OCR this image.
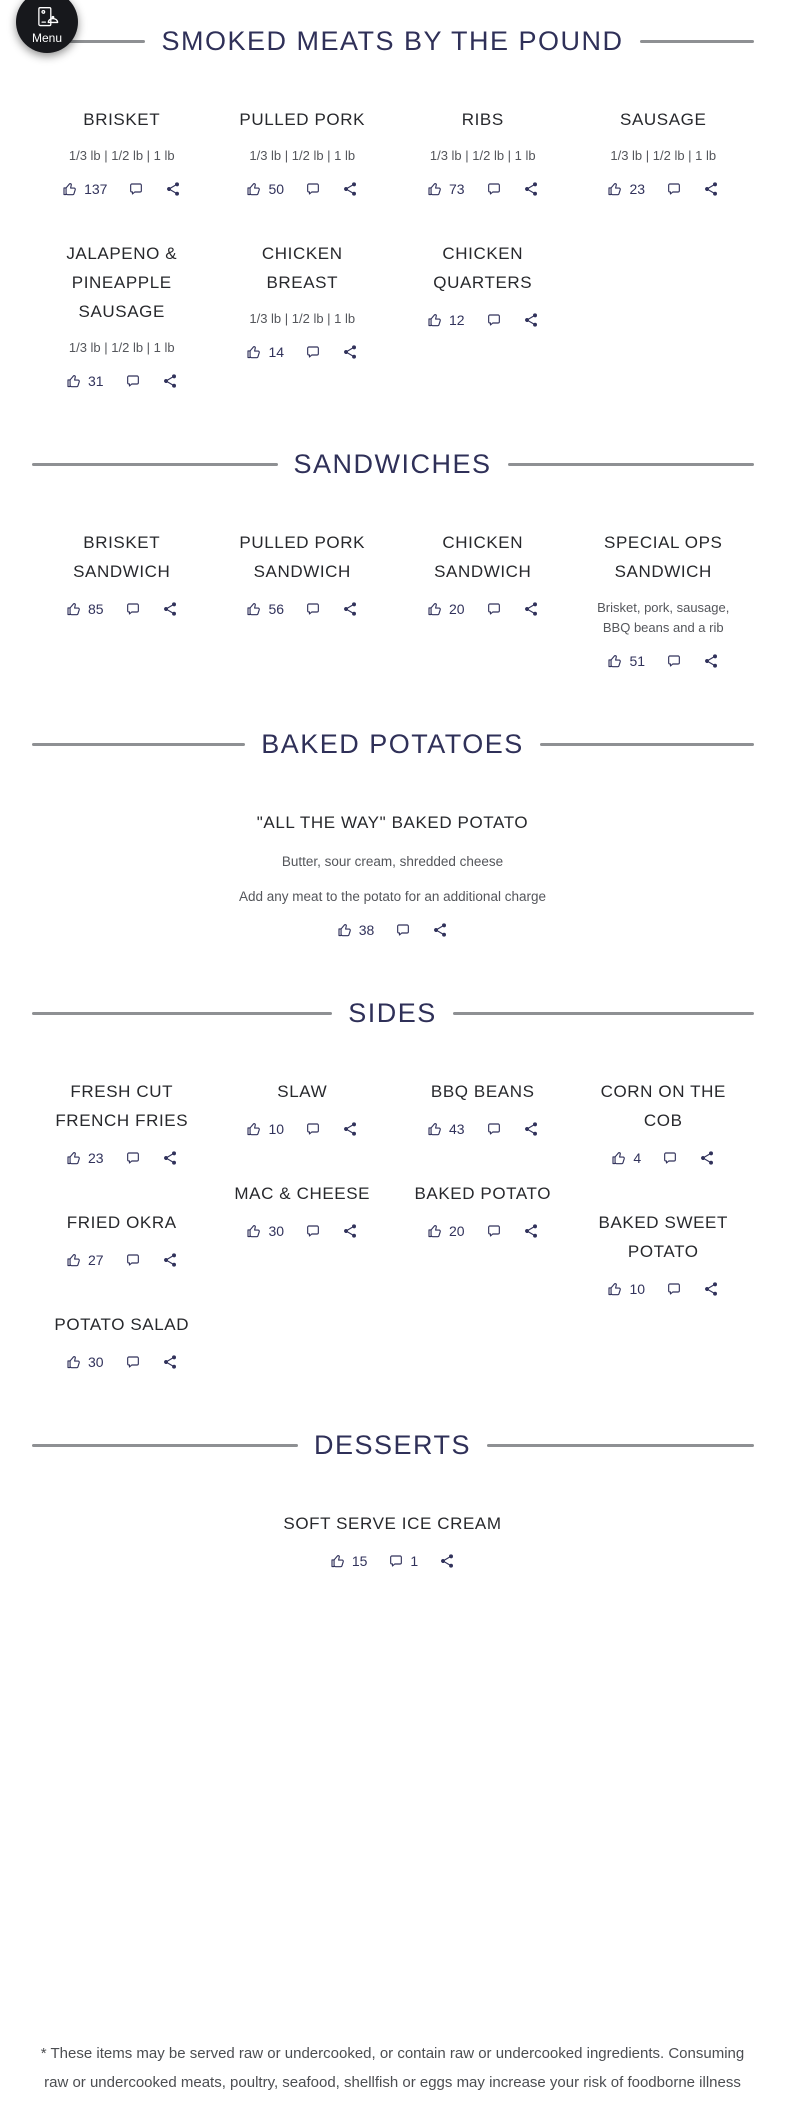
Menu	SMOKED MEATS BY THE POUND
BRISKET

1/3 lb | 1/2 lb | 1 lb

137
JALAPENO & PINEAPPLE SAUSAGE

1/3 lb | 1/2 lb | 1 lb

31
PULLED PORK

1/3 lb | 1/2 lb | 1 lb

50
CHICKEN BREAST

1/3 lb | 1/2 lb | 1 lb

14
RIBS

1/3 lb | 1/2 lb | 1 lb

73
CHICKEN QUARTERS
12
SAUSAGE

1/3 lb | 1/2 lb | 1 lb

23
SANDWICHES
BRISKET SANDWICH
85
PULLED PORK SANDWICH
56
CHICKEN SANDWICH
20
SPECIAL OPS SANDWICH

Brisket, pork, sausage, BBQ beans and a rib

51
BAKED POTATOES
"ALL THE WAY" BAKED POTATO

Butter, sour cream, shredded cheese

Add any meat to the potato for an additional charge

38
SIDES
FRESH CUT FRENCH FRIES
23
FRIED OKRA
27
POTATO SALAD
30
SLAW
10
MAC & CHEESE
30
BBQ BEANS
43
BAKED POTATO
20
CORN ON THE COB
4
BAKED SWEET POTATO
10
DESSERTS
SOFT SERVE ICE CREAM
15	1

* These items may be served raw or undercooked, or contain raw or undercooked ingredients. Consuming raw or undercooked meats, poultry, seafood, shellfish or eggs may increase your risk of foodborne illness
